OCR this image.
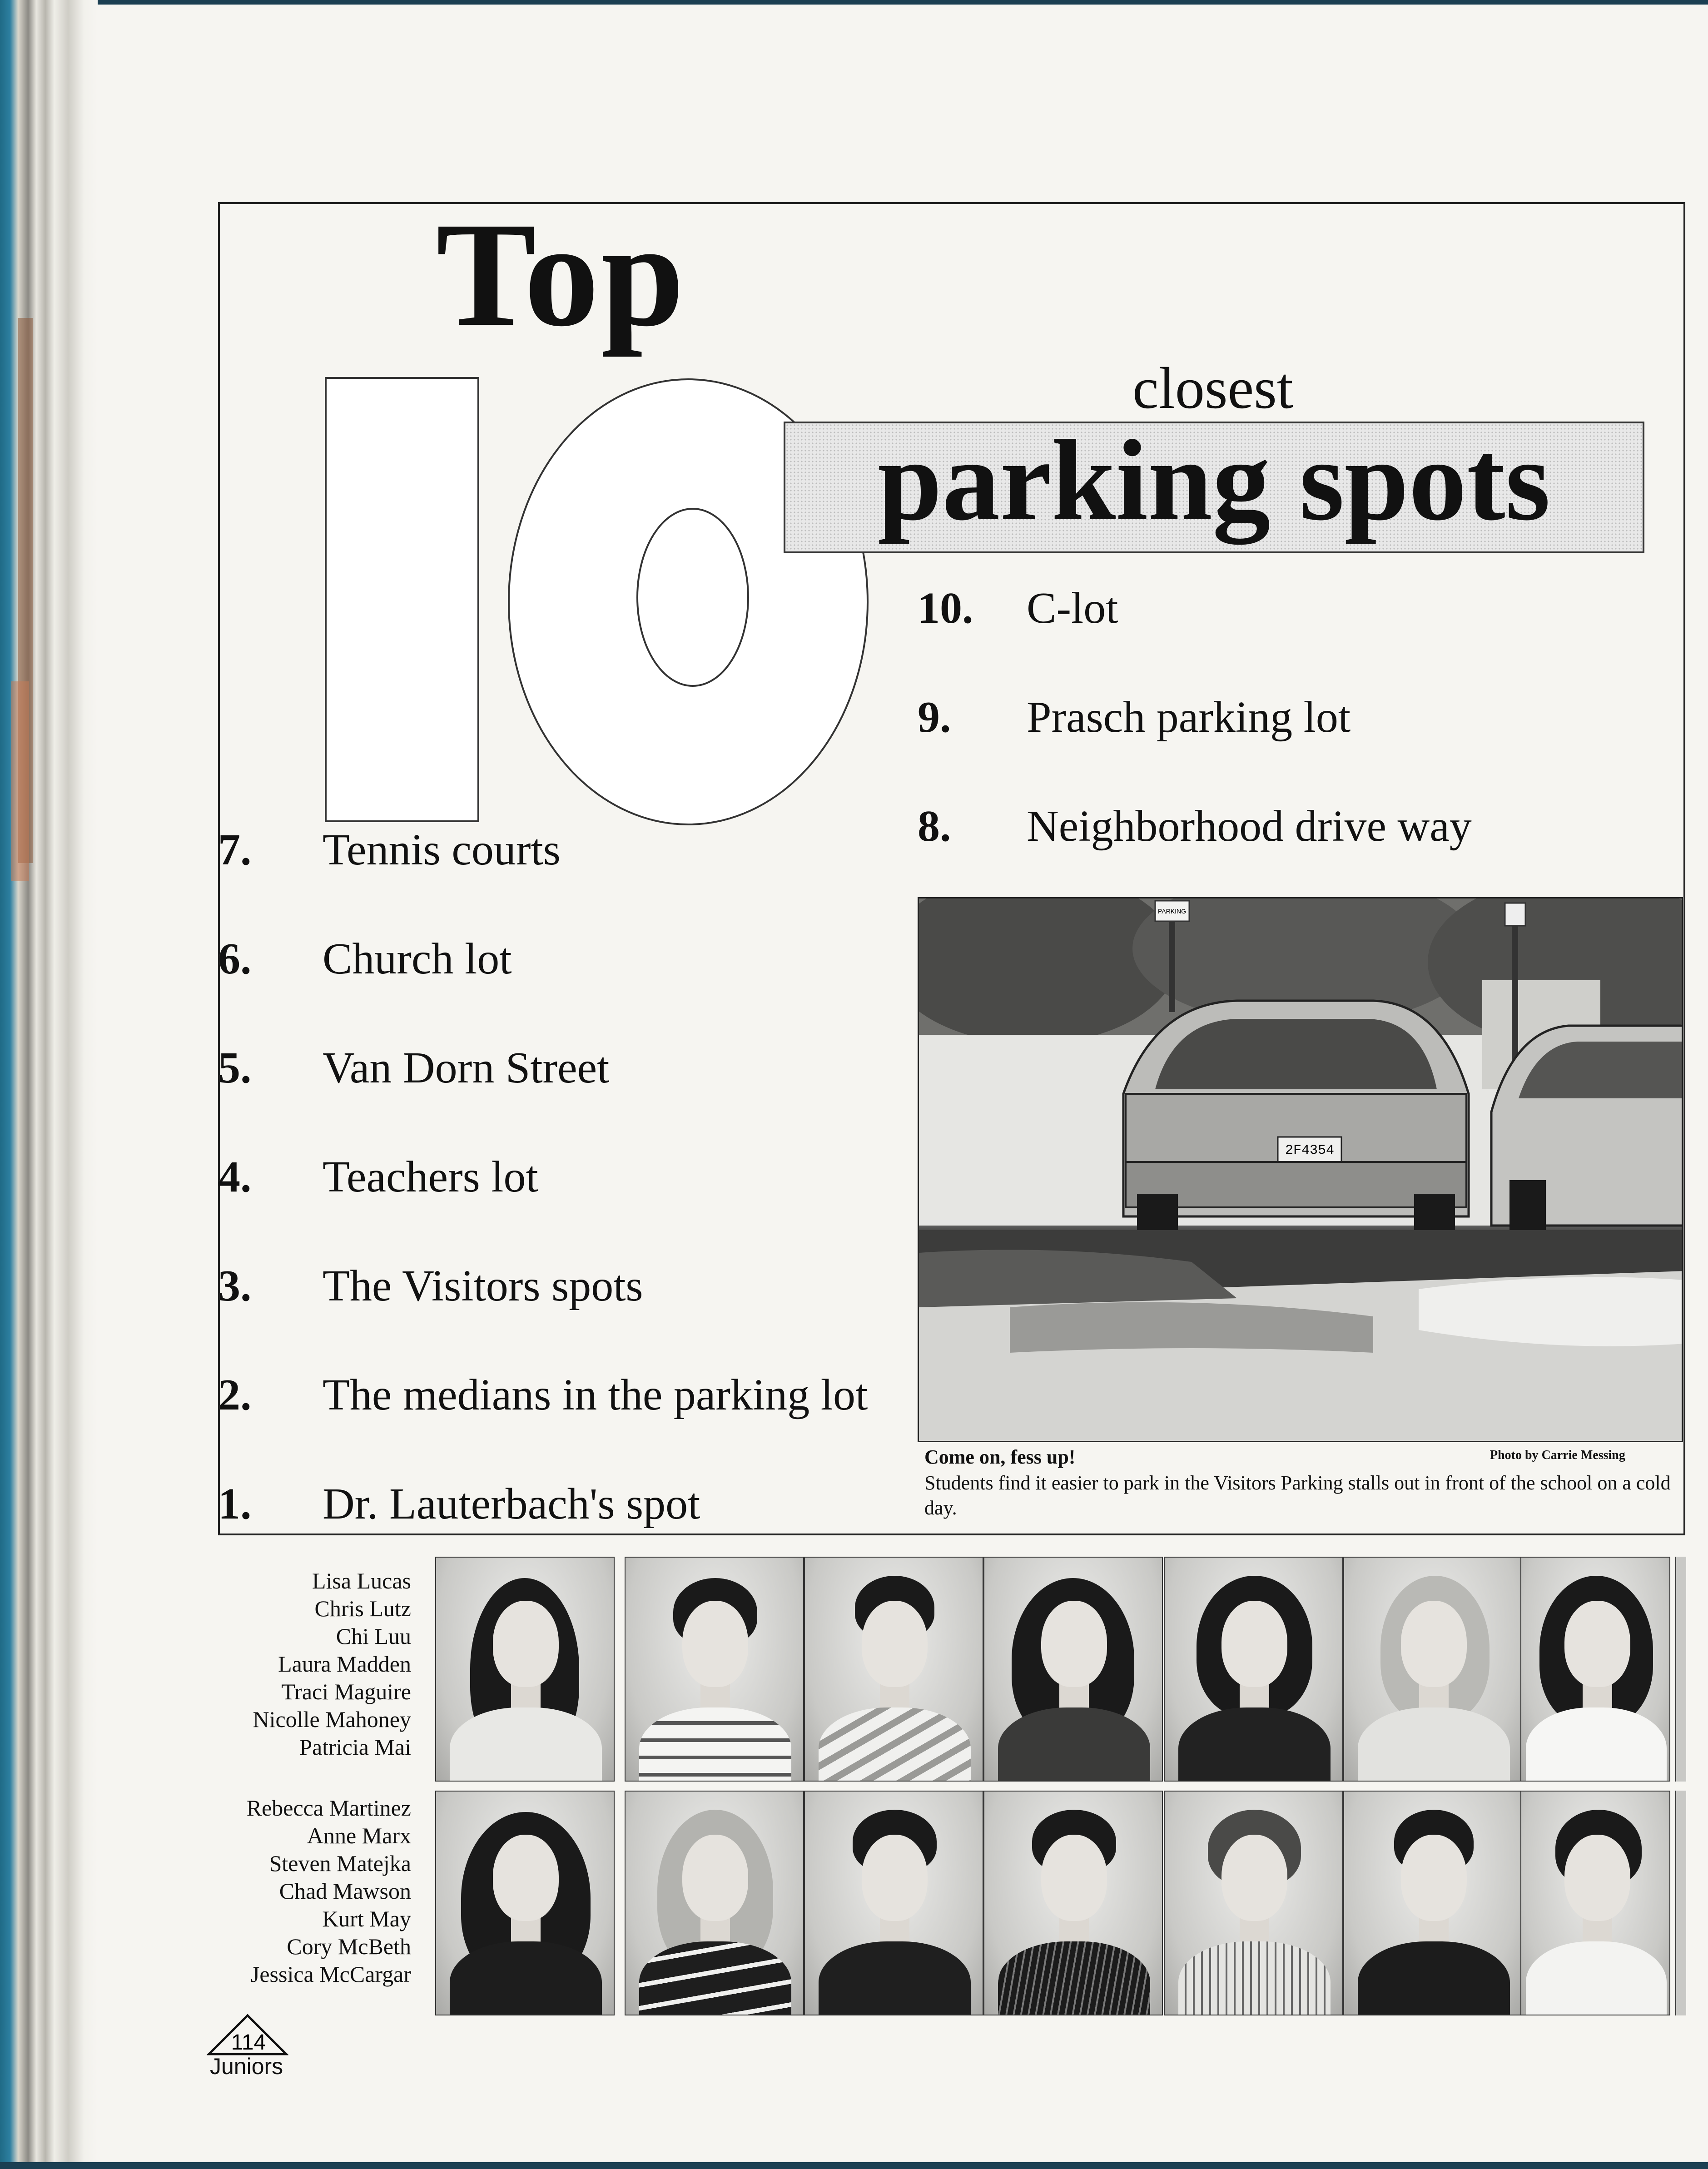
Top
closest
parking spots
10. C-lot
9. Prasch parking lot
8. Neighborhood drive way
7. Tennis courts
6. Church lot
5. Van Dorn Street
4. Teachers lot
3. The Visitors spots
2. The medians in the parking lot
1. Dr. Lauterbach's spot
PARKING
2F4354
Come on, fess up!	Photo by Carrie Messing
Students find it easier to park in the Visitors Parking stalls out in front of the school on a cold day.
Lisa Lucas
Chris Lutz
Chi Luu
Laura Madden
Traci Maguire
Nicolle Mahoney
Patricia Mai
Rebecca Martinez
Anne Marx
Steven Matejka
Chad Mawson
Kurt May
Cory McBeth
Jessica McCargar
114
Juniors
